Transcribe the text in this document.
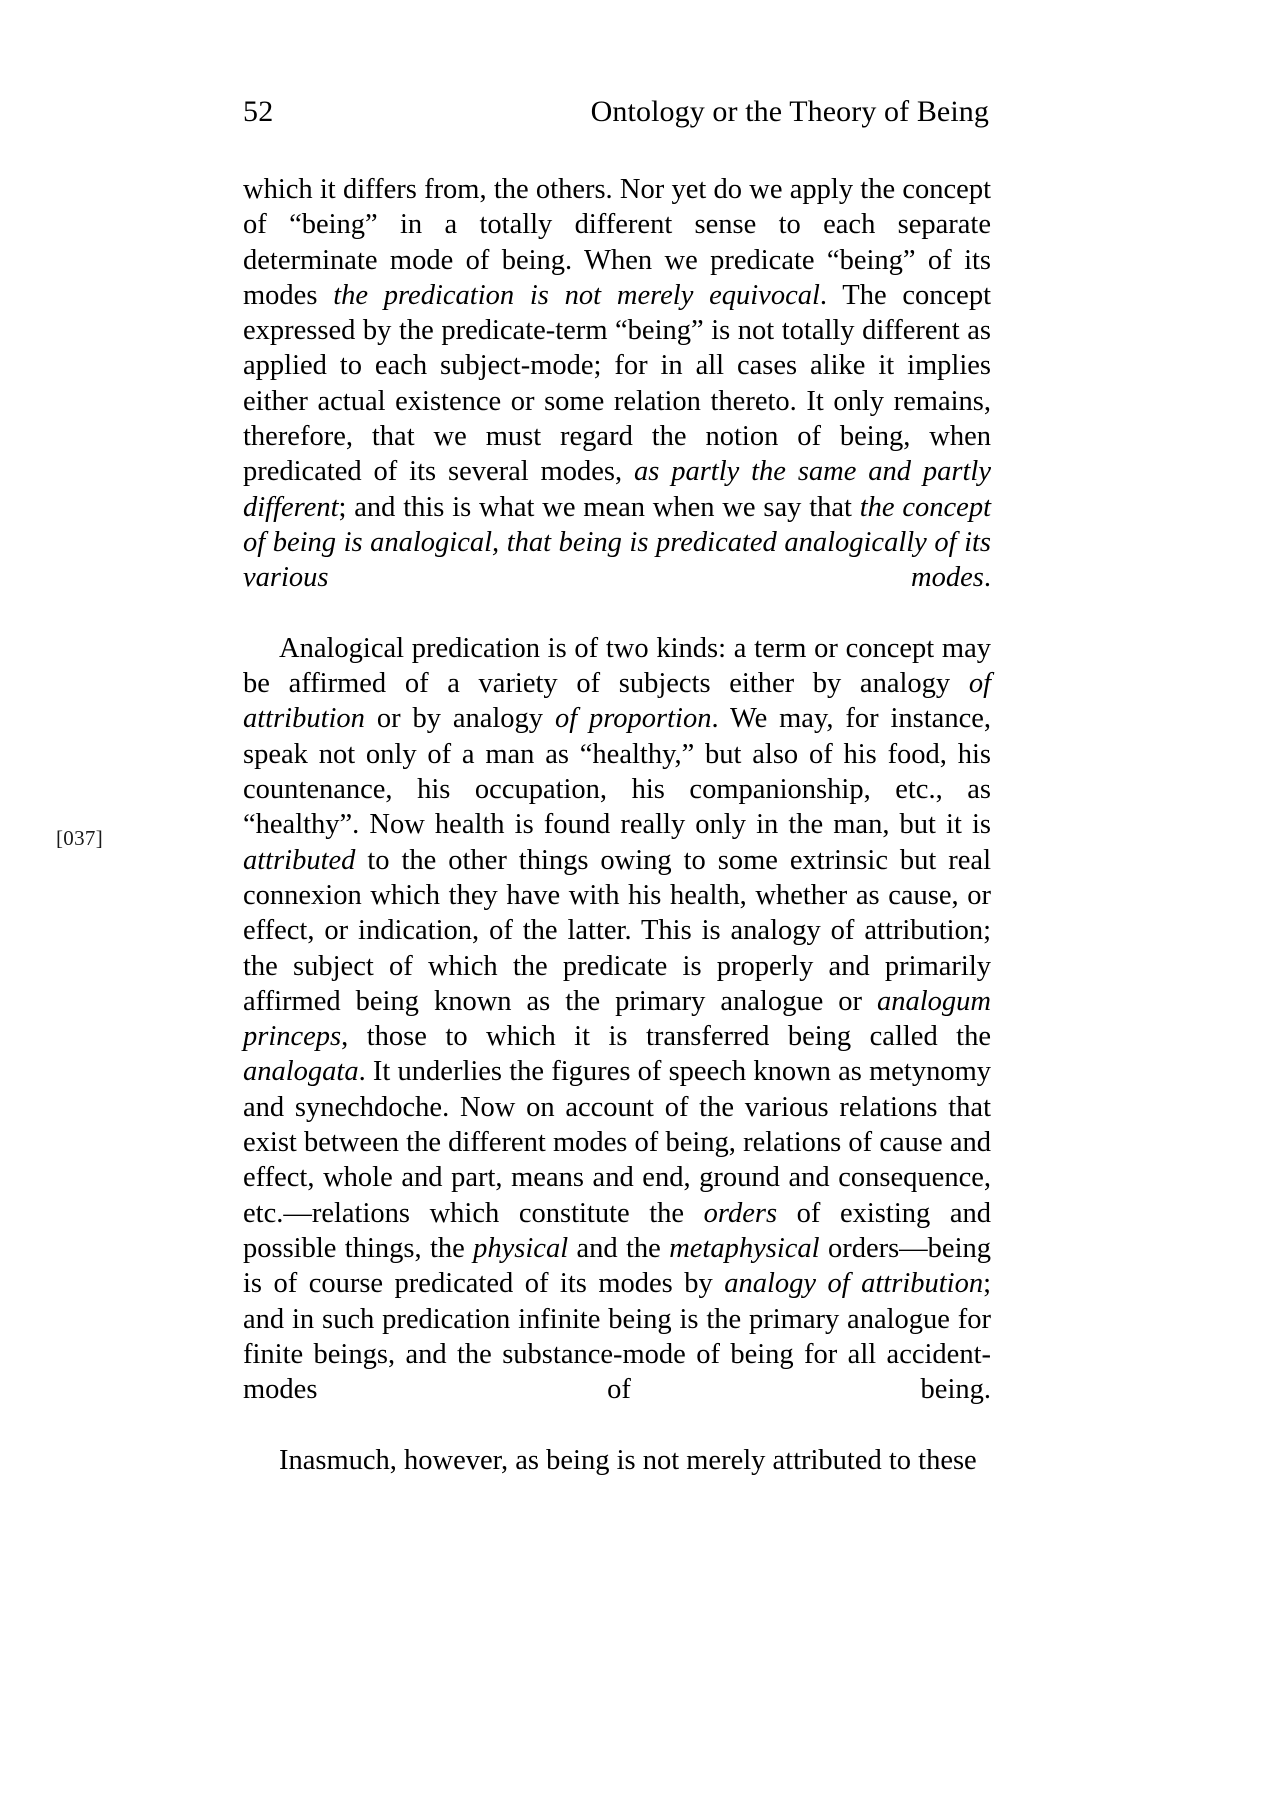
52	Ontology or the Theory of Being
[037]

which it differs from, the others. Nor yet do we apply the concept of “being” in a totally different sense to each separate determinate mode of being. When we predicate “being” of its modes the predication is not merely equivocal. The concept expressed by the predicate-term “being” is not totally different as applied to each subject-mode; for in all cases alike it implies either actual existence or some relation thereto. It only remains, therefore, that we must regard the notion of being, when predicated of its several modes, as partly the same and partly different; and this is what we mean when we say that the concept of being is analogical, that being is predicated analogically of its various modes.

Analogical predication is of two kinds: a term or concept may be affirmed of a variety of subjects either by analogy of attribution or by analogy of proportion. We may, for instance, speak not only of a man as “healthy,” but also of his food, his countenance, his occupation, his companionship, etc., as “healthy”. Now health is found really only in the man, but it is attributed to the other things owing to some extrinsic but real connexion which they have with his health, whether as cause, or effect, or indication, of the latter. This is analogy of attribution; the subject of which the predicate is properly and primarily affirmed being known as the primary analogue or analogum princeps, those to which it is transferred being called the analogata. It underlies the figures of speech known as metynomy and synechdoche. Now on account of the various relations that exist between the different modes of being, relations of cause and effect, whole and part, means and end, ground and consequence, etc.—relations which constitute the orders of existing and possible things, the physical and the metaphysical orders—being is of course predicated of its modes by analogy of attribution; and in such predication infinite being is the primary analogue for finite beings, and the substance-mode of being for all accident-modes of being.

Inasmuch, however, as being is not merely attributed to these
